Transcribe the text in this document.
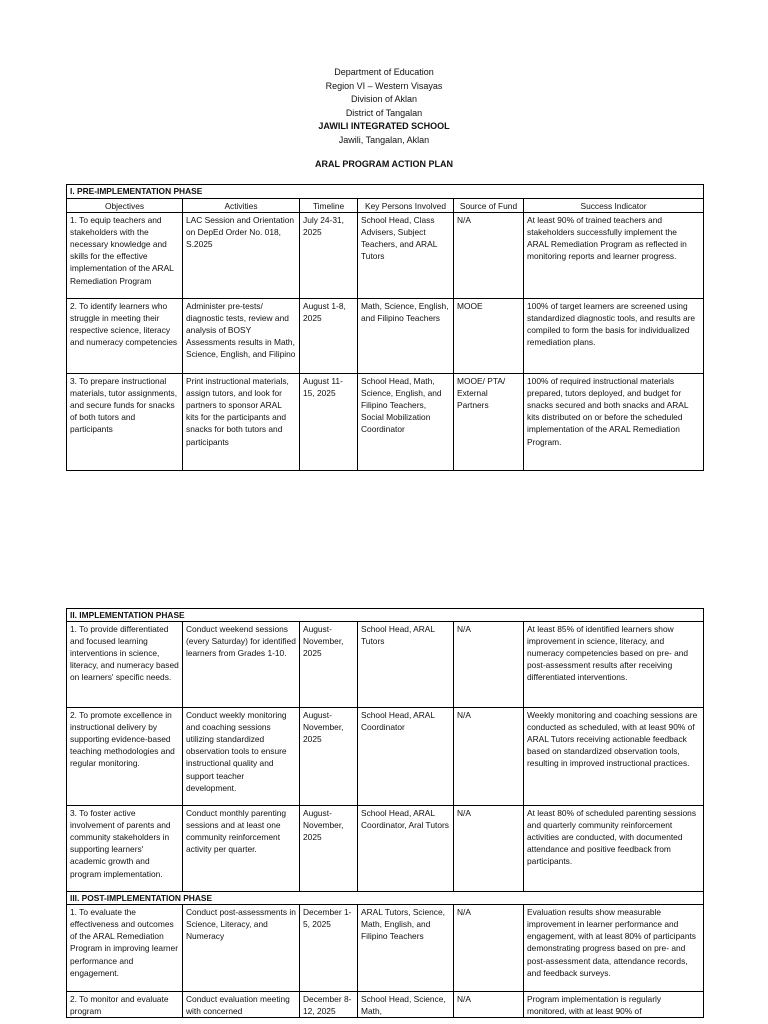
Department of Education
Region VI – Western Visayas
Division of Aklan
District of Tangalan
JAWILI INTEGRATED SCHOOL
Jawili, Tangalan, Aklan
ARAL PROGRAM ACTION PLAN
I. PRE-IMPLEMENTATION PHASE					
Objectives	Activities	Timeline	Key Persons Involved	Source of Fund	Success Indicator
1. To equip teachers and stakeholders with the necessary knowledge and skills for the effective implementation of the ARAL Remediation Program	LAC Session and Orientation on DepEd Order No. 018, S.2025	July 24-31, 2025	School Head, Class Advisers, Subject Teachers, and ARAL Tutors	N/A	At least 90% of trained teachers and stakeholders successfully implement the ARAL Remediation Program as reflected in monitoring reports and learner progress.
2. To identify learners who struggle in meeting their respective science, literacy and numeracy competencies	Administer pre-tests/ diagnostic tests, review and analysis of BOSY Assessments results in Math, Science, English, and Filipino	August 1-8, 2025	Math, Science, English, and Filipino Teachers	MOOE	100% of target learners are screened using standardized diagnostic tools, and results are compiled to form the basis for individualized remediation plans.
3. To prepare instructional materials, tutor assignments, and secure funds for snacks of both tutors and participants	Print instructional materials, assign tutors, and look for partners to sponsor ARAL kits for the participants and snacks for both tutors and participants	August 11-15, 2025	School Head, Math, Science, English, and Filipino Teachers, Social Mobilization Coordinator	MOOE/ PTA/ External Partners	100% of required instructional materials prepared, tutors deployed, and budget for snacks secured and both snacks and ARAL kits distributed on or before the scheduled implementation of the ARAL Remediation Program.
II. IMPLEMENTATION PHASE					
1. To provide differentiated and focused learning interventions in science, literacy, and numeracy based on learners' specific needs.	Conduct weekend sessions (every Saturday) for identified learners from Grades 1-10.	August-November, 2025	School Head, ARAL Tutors	N/A	At least 85% of identified learners show improvement in science, literacy, and numeracy competencies based on pre- and post-assessment results after receiving differentiated interventions.
2. To promote excellence in instructional delivery by supporting evidence-based teaching methodologies and regular monitoring.	Conduct weekly monitoring and coaching sessions utilizing standardized observation tools to ensure instructional quality and support teacher development.	August-November, 2025	School Head, ARAL Coordinator	N/A	Weekly monitoring and coaching sessions are conducted as scheduled, with at least 90% of ARAL Tutors receiving actionable feedback based on standardized observation tools, resulting in improved instructional practices.
3. To foster active involvement of parents and community stakeholders in supporting learners' academic growth and program implementation.	Conduct monthly parenting sessions and at least one community reinforcement activity per quarter.	August-November, 2025	School Head, ARAL Coordinator, Aral Tutors	N/A	At least 80% of scheduled parenting sessions and quarterly community reinforcement activities are conducted, with documented attendance and positive feedback from participants.
III. POST-IMPLEMENTATION PHASE					
1. To evaluate the effectiveness and outcomes of the ARAL Remediation Program in improving learner performance and engagement.	Conduct post-assessments in Science, Literacy, and Numeracy	December 1-5, 2025	ARAL Tutors, Science, Math, English, and Filipino Teachers	N/A	Evaluation results show measurable improvement in learner performance and engagement, with at least 80% of participants demonstrating progress based on pre- and post-assessment data, attendance records, and feedback surveys.
2. To monitor and evaluate program	Conduct evaluation meeting with concerned	December 8-12, 2025	School Head, Science, Math,	N/A	Program implementation is regularly monitored, with at least 90% of
